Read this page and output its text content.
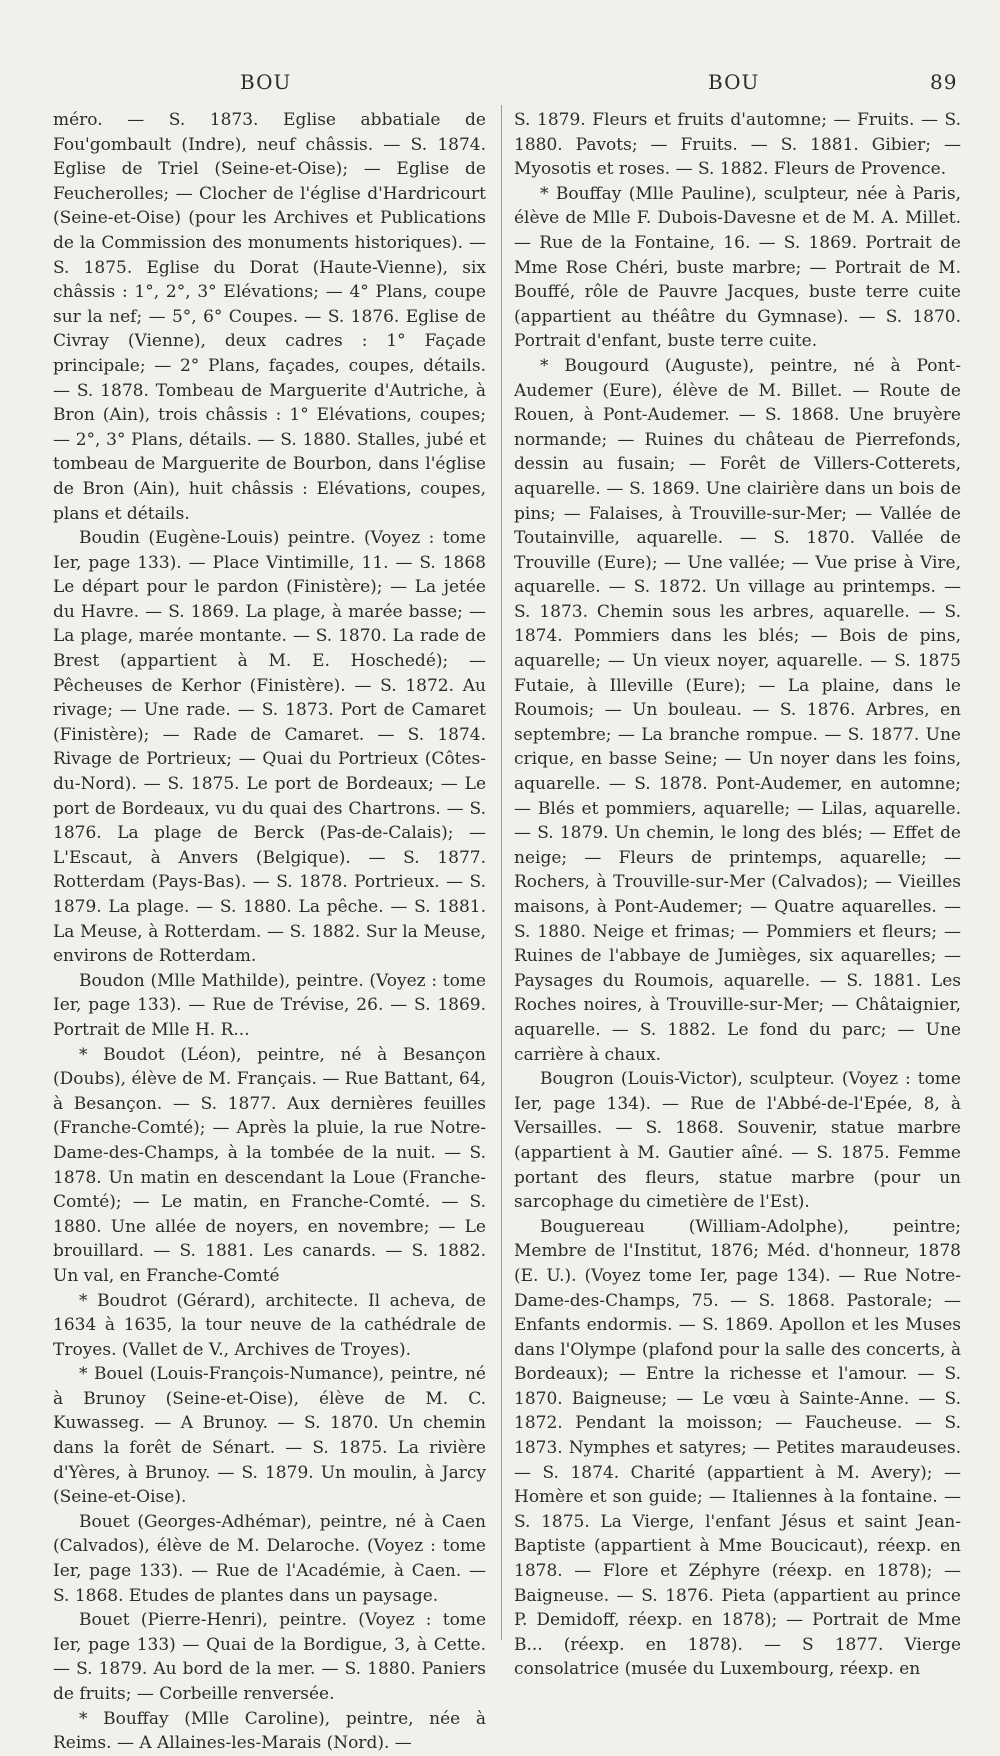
BOU	BOU	89

méro. — S. 1873. Eglise abbatiale de Fou'gombault (Indre), neuf châssis. — S. 1874. Eglise de Triel (Seine-et-Oise); — Eglise de Feucherolles; — Clocher de l'église d'Hardricourt (Seine-et-Oise) (pour les Archives et Publications de la Commission des monuments historiques). — S. 1875. Eglise du Dorat (Haute-Vienne), six châssis : 1°, 2°, 3° Elévations; — 4° Plans, coupe sur la nef; — 5°, 6° Coupes. — S. 1876. Eglise de Civray (Vienne), deux cadres : 1° Façade principale; — 2° Plans, façades, coupes, détails. — S. 1878. Tombeau de Marguerite d'Autriche, à Bron (Ain), trois châssis : 1° Elévations, coupes; — 2°, 3° Plans, détails. — S. 1880. Stalles, jubé et tombeau de Marguerite de Bourbon, dans l'église de Bron (Ain), huit châssis : Elévations, coupes, plans et détails.

Boudin (Eugène-Louis) peintre. (Voyez : tome Ier, page 133). — Place Vintimille, 11. — S. 1868 Le départ pour le pardon (Finistère); — La jetée du Havre. — S. 1869. La plage, à marée basse; — La plage, marée montante. — S. 1870. La rade de Brest (appartient à M. E. Hoschedé); — Pêcheuses de Kerhor (Finistère). — S. 1872. Au rivage; — Une rade. — S. 1873. Port de Camaret (Finistère); — Rade de Camaret. — S. 1874. Rivage de Portrieux; — Quai du Portrieux (Côtes-du-Nord). — S. 1875. Le port de Bordeaux; — Le port de Bordeaux, vu du quai des Chartrons. — S. 1876. La plage de Berck (Pas-de-Calais); — L'Escaut, à Anvers (Belgique). — S. 1877. Rotterdam (Pays-Bas). — S. 1878. Portrieux. — S. 1879. La plage. — S. 1880. La pêche. — S. 1881. La Meuse, à Rotterdam. — S. 1882. Sur la Meuse, environs de Rotterdam.

Boudon (Mlle Mathilde), peintre. (Voyez : tome Ier, page 133). — Rue de Trévise, 26. — S. 1869. Portrait de Mlle H. R...

* Boudot (Léon), peintre, né à Besançon (Doubs), élève de M. Français. — Rue Battant, 64, à Besançon. — S. 1877. Aux dernières feuilles (Franche-Comté); — Après la pluie, la rue Notre-Dame-des-Champs, à la tombée de la nuit. — S. 1878. Un matin en descendant la Loue (Franche-Comté); — Le matin, en Franche-Comté. — S. 1880. Une allée de noyers, en novembre; — Le brouillard. — S. 1881. Les canards. — S. 1882. Un val, en Franche-Comté

* Boudrot (Gérard), architecte. Il acheva, de 1634 à 1635, la tour neuve de la cathédrale de Troyes. (Vallet de V., Archives de Troyes).

* Bouel (Louis-François-Numance), peintre, né à Brunoy (Seine-et-Oise), élève de M. C. Kuwasseg. — A Brunoy. — S. 1870. Un chemin dans la forêt de Sénart. — S. 1875. La rivière d'Yères, à Brunoy. — S. 1879. Un moulin, à Jarcy (Seine-et-Oise).

Bouet (Georges-Adhémar), peintre, né à Caen (Calvados), élève de M. Delaroche. (Voyez : tome Ier, page 133). — Rue de l'Académie, à Caen. — S. 1868. Etudes de plantes dans un paysage.

Bouet (Pierre-Henri), peintre. (Voyez : tome Ier, page 133) — Quai de la Bordigue, 3, à Cette. — S. 1879. Au bord de la mer. — S. 1880. Paniers de fruits; — Corbeille renversée.

* Bouffay (Mlle Caroline), peintre, née à Reims. — A Allaines-les-Marais (Nord). —

S. 1879. Fleurs et fruits d'automne; — Fruits. — S. 1880. Pavots; — Fruits. — S. 1881. Gibier; — Myosotis et roses. — S. 1882. Fleurs de Provence.

* Bouffay (Mlle Pauline), sculpteur, née à Paris, élève de Mlle F. Dubois-Davesne et de M. A. Millet. — Rue de la Fontaine, 16. — S. 1869. Portrait de Mme Rose Chéri, buste marbre; — Portrait de M. Bouffé, rôle de Pauvre Jacques, buste terre cuite (appartient au théâtre du Gymnase). — S. 1870. Portrait d'enfant, buste terre cuite.

* Bougourd (Auguste), peintre, né à Pont-Audemer (Eure), élève de M. Billet. — Route de Rouen, à Pont-Audemer. — S. 1868. Une bruyère normande; — Ruines du château de Pierrefonds, dessin au fusain; — Forêt de Villers-Cotterets, aquarelle. — S. 1869. Une clairière dans un bois de pins; — Falaises, à Trouville-sur-Mer; — Vallée de Toutainville, aquarelle. — S. 1870. Vallée de Trouville (Eure); — Une vallée; — Vue prise à Vire, aquarelle. — S. 1872. Un village au printemps. — S. 1873. Chemin sous les arbres, aquarelle. — S. 1874. Pommiers dans les blés; — Bois de pins, aquarelle; — Un vieux noyer, aquarelle. — S. 1875 Futaie, à Illeville (Eure); — La plaine, dans le Roumois; — Un bouleau. — S. 1876. Arbres, en septembre; — La branche rompue. — S. 1877. Une crique, en basse Seine; — Un noyer dans les foins, aquarelle. — S. 1878. Pont-Audemer, en automne; — Blés et pommiers, aquarelle; — Lilas, aquarelle. — S. 1879. Un chemin, le long des blés; — Effet de neige; — Fleurs de printemps, aquarelle; — Rochers, à Trouville-sur-Mer (Calvados); — Vieilles maisons, à Pont-Audemer; — Quatre aquarelles. — S. 1880. Neige et frimas; — Pommiers et fleurs; — Ruines de l'abbaye de Jumièges, six aquarelles; — Paysages du Roumois, aquarelle. — S. 1881. Les Roches noires, à Trouville-sur-Mer; — Châtaignier, aquarelle. — S. 1882. Le fond du parc; — Une carrière à chaux.

Bougron (Louis-Victor), sculpteur. (Voyez : tome Ier, page 134). — Rue de l'Abbé-de-l'Epée, 8, à Versailles. — S. 1868. Souvenir, statue marbre (appartient à M. Gautier aîné. — S. 1875. Femme portant des fleurs, statue marbre (pour un sarcophage du cimetière de l'Est).

Bouguereau (William-Adolphe), peintre; Membre de l'Institut, 1876; Méd. d'honneur, 1878 (E. U.). (Voyez tome Ier, page 134). — Rue Notre-Dame-des-Champs, 75. — S. 1868. Pastorale; — Enfants endormis. — S. 1869. Apollon et les Muses dans l'Olympe (plafond pour la salle des concerts, à Bordeaux); — Entre la richesse et l'amour. — S. 1870. Baigneuse; — Le vœu à Sainte-Anne. — S. 1872. Pendant la moisson; — Faucheuse. — S. 1873. Nymphes et satyres; — Petites maraudeuses. — S. 1874. Charité (appartient à M. Avery); — Homère et son guide; — Italiennes à la fontaine. — S. 1875. La Vierge, l'enfant Jésus et saint Jean-Baptiste (appartient à Mme Boucicaut), réexp. en 1878. — Flore et Zéphyre (réexp. en 1878); — Baigneuse. — S. 1876. Pieta (appartient au prince P. Demidoff, réexp. en 1878); — Portrait de Mme B... (réexp. en 1878). — S 1877. Vierge consolatrice (musée du Luxembourg, réexp. en
